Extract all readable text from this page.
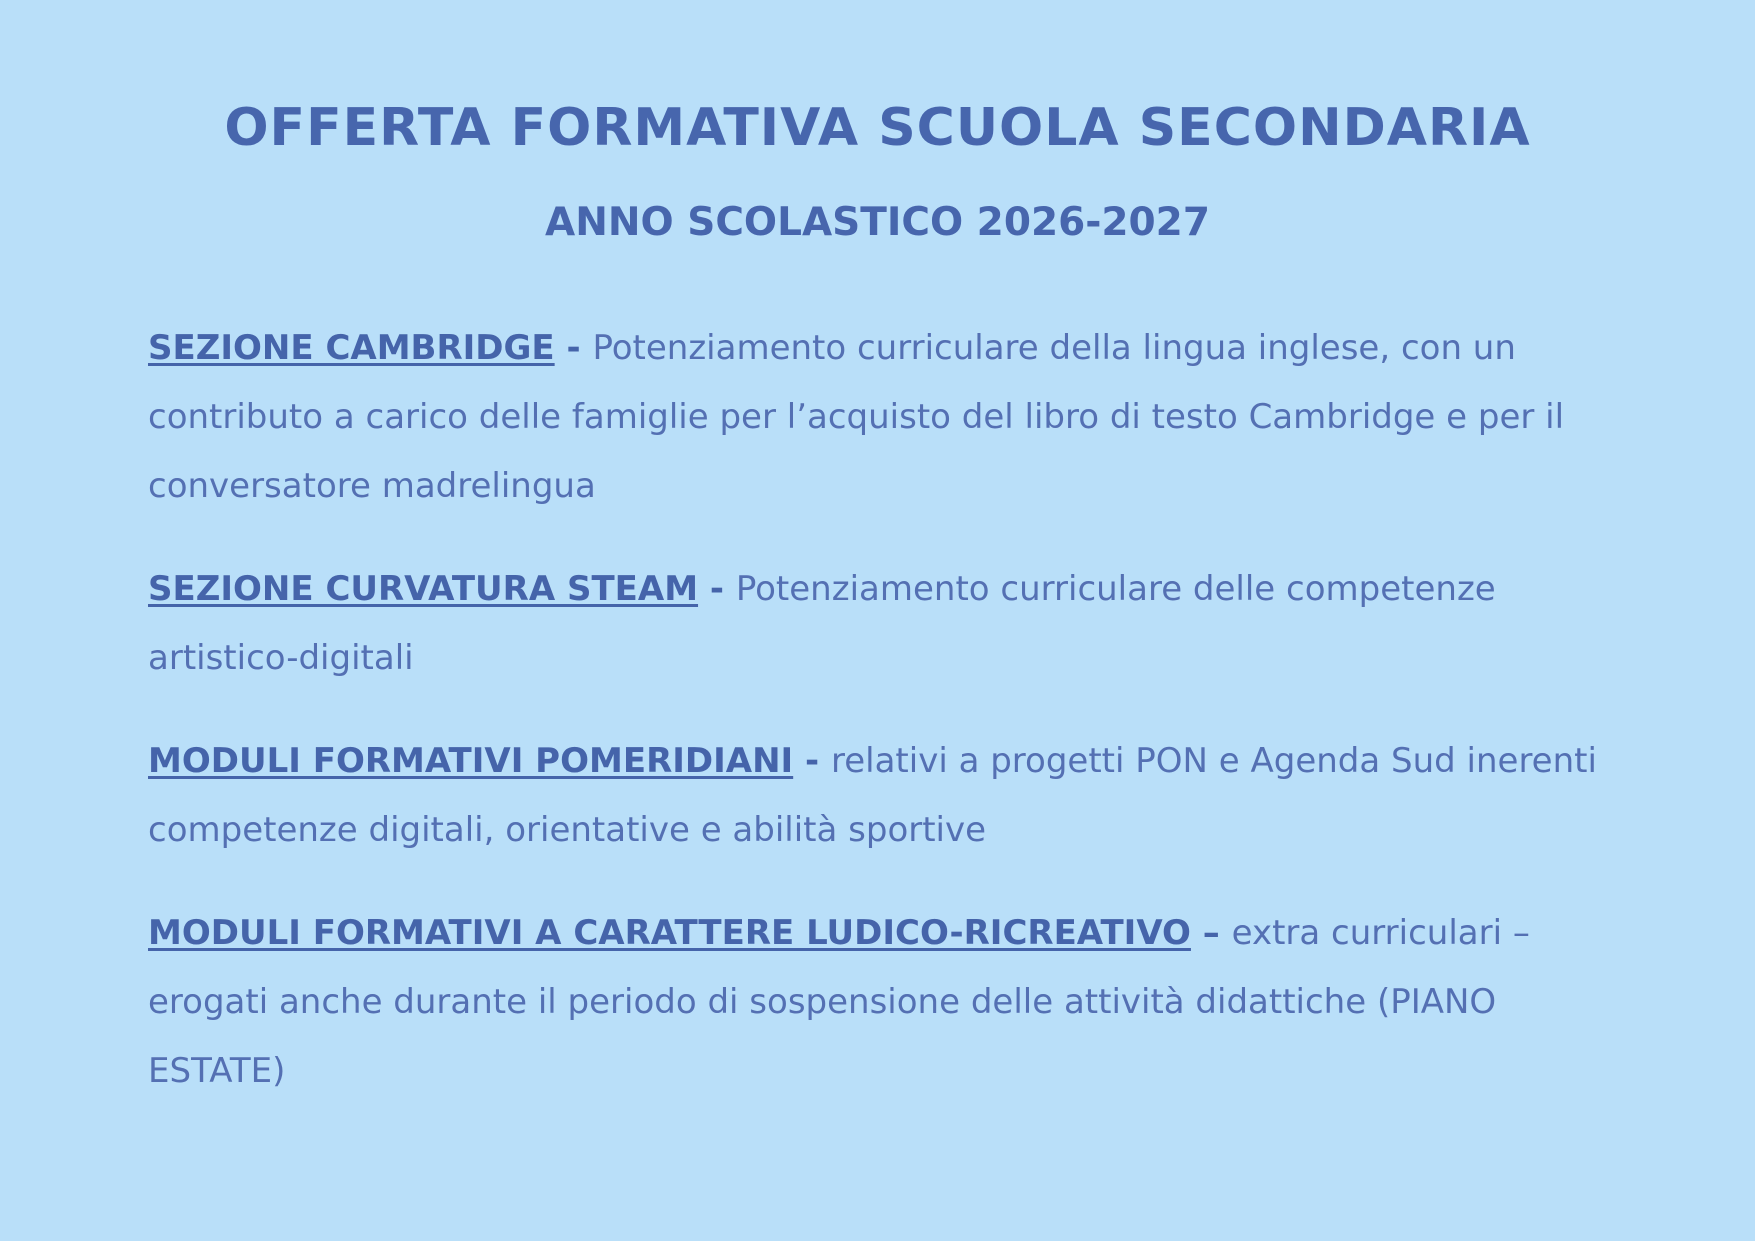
OFFERTA FORMATIVA SCUOLA SECONDARIA
ANNO SCOLASTICO 2026-2027

SEZIONE CAMBRIDGE - Potenziamento curriculare della lingua inglese, con un contributo a carico delle famiglie per l’acquisto del libro di testo Cambridge e per il conversatore madrelingua

SEZIONE CURVATURA STEAM - Potenziamento curriculare delle competenze artistico-digitali

MODULI FORMATIVI POMERIDIANI - relativi a progetti PON e Agenda Sud inerenti competenze digitali, orientative e abilità sportive

MODULI FORMATIVI A CARATTERE LUDICO-RICREATIVO – extra curriculari – erogati anche durante il periodo di sospensione delle attività didattiche (PIANO ESTATE)
